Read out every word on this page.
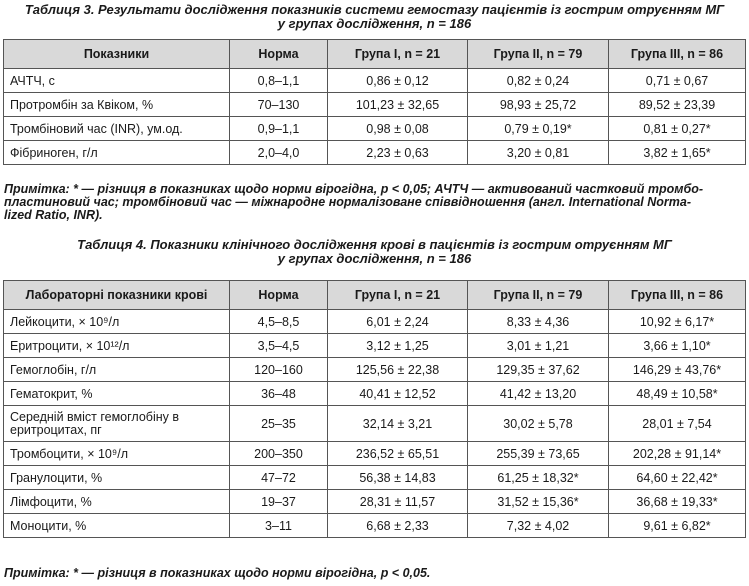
Таблиця 3. Результати дослідження показників системи гемостазу пацієнтів із гострим отруєнням МГ
у групах дослідження, n = 186
Показники	Норма	Група I, n = 21	Група II, n = 79	Група III, n = 86
АЧТЧ, с	0,8–1,1	0,86 ± 0,12	0,82 ± 0,24	0,71 ± 0,67
Протромбін за Квіком, %	70–130	101,23 ± 32,65	98,93 ± 25,72	89,52 ± 23,39
Тромбіновий час (INR), ум.од.	0,9–1,1	0,98 ± 0,08	0,79 ± 0,19*	0,81 ± 0,27*
Фібриноген, г/л	2,0–4,0	2,23 ± 0,63	3,20 ± 0,81	3,82 ± 1,65*
Примітка: * — різниця в показниках щодо норми вірогідна, p < 0,05; АЧТЧ — активований частковий тромбо-
пластиновий час; тромбіновий час — міжнародне нормалізоване співвідношення (англ. International Norma-
lized Ratio, INR).
Таблиця 4. Показники клінічного дослідження крові в пацієнтів із гострим отруєнням МГ
у групах дослідження, n = 186
Лабораторні показники крові	Норма	Група I, n = 21	Група II, n = 79	Група III, n = 86
Лейкоцити, × 10⁹/л	4,5–8,5	6,01 ± 2,24	8,33 ± 4,36	10,92 ± 6,17*
Еритроцити, × 10¹²/л	3,5–4,5	3,12 ± 1,25	3,01 ± 1,21	3,66 ± 1,10*
Гемоглобін, г/л	120–160	125,56 ± 22,38	129,35 ± 37,62	146,29 ± 43,76*
Гематокрит, %	36–48	40,41 ± 12,52	41,42 ± 13,20	48,49 ± 10,58*
Середній вміст гемоглобіну в еритроцитах, пг	25–35	32,14 ± 3,21	30,02 ± 5,78	28,01 ± 7,54
Тромбоцити, × 10⁹/л	200–350	236,52 ± 65,51	255,39 ± 73,65	202,28 ± 91,14*
Гранулоцити, %	47–72	56,38 ± 14,83	61,25 ± 18,32*	64,60 ± 22,42*
Лімфоцити, %	19–37	28,31 ± 11,57	31,52 ± 15,36*	36,68 ± 19,33*
Моноцити, %	3–11	6,68 ± 2,33	7,32 ± 4,02	9,61 ± 6,82*
Примітка: * — різниця в показниках щодо норми вірогідна, p < 0,05.
